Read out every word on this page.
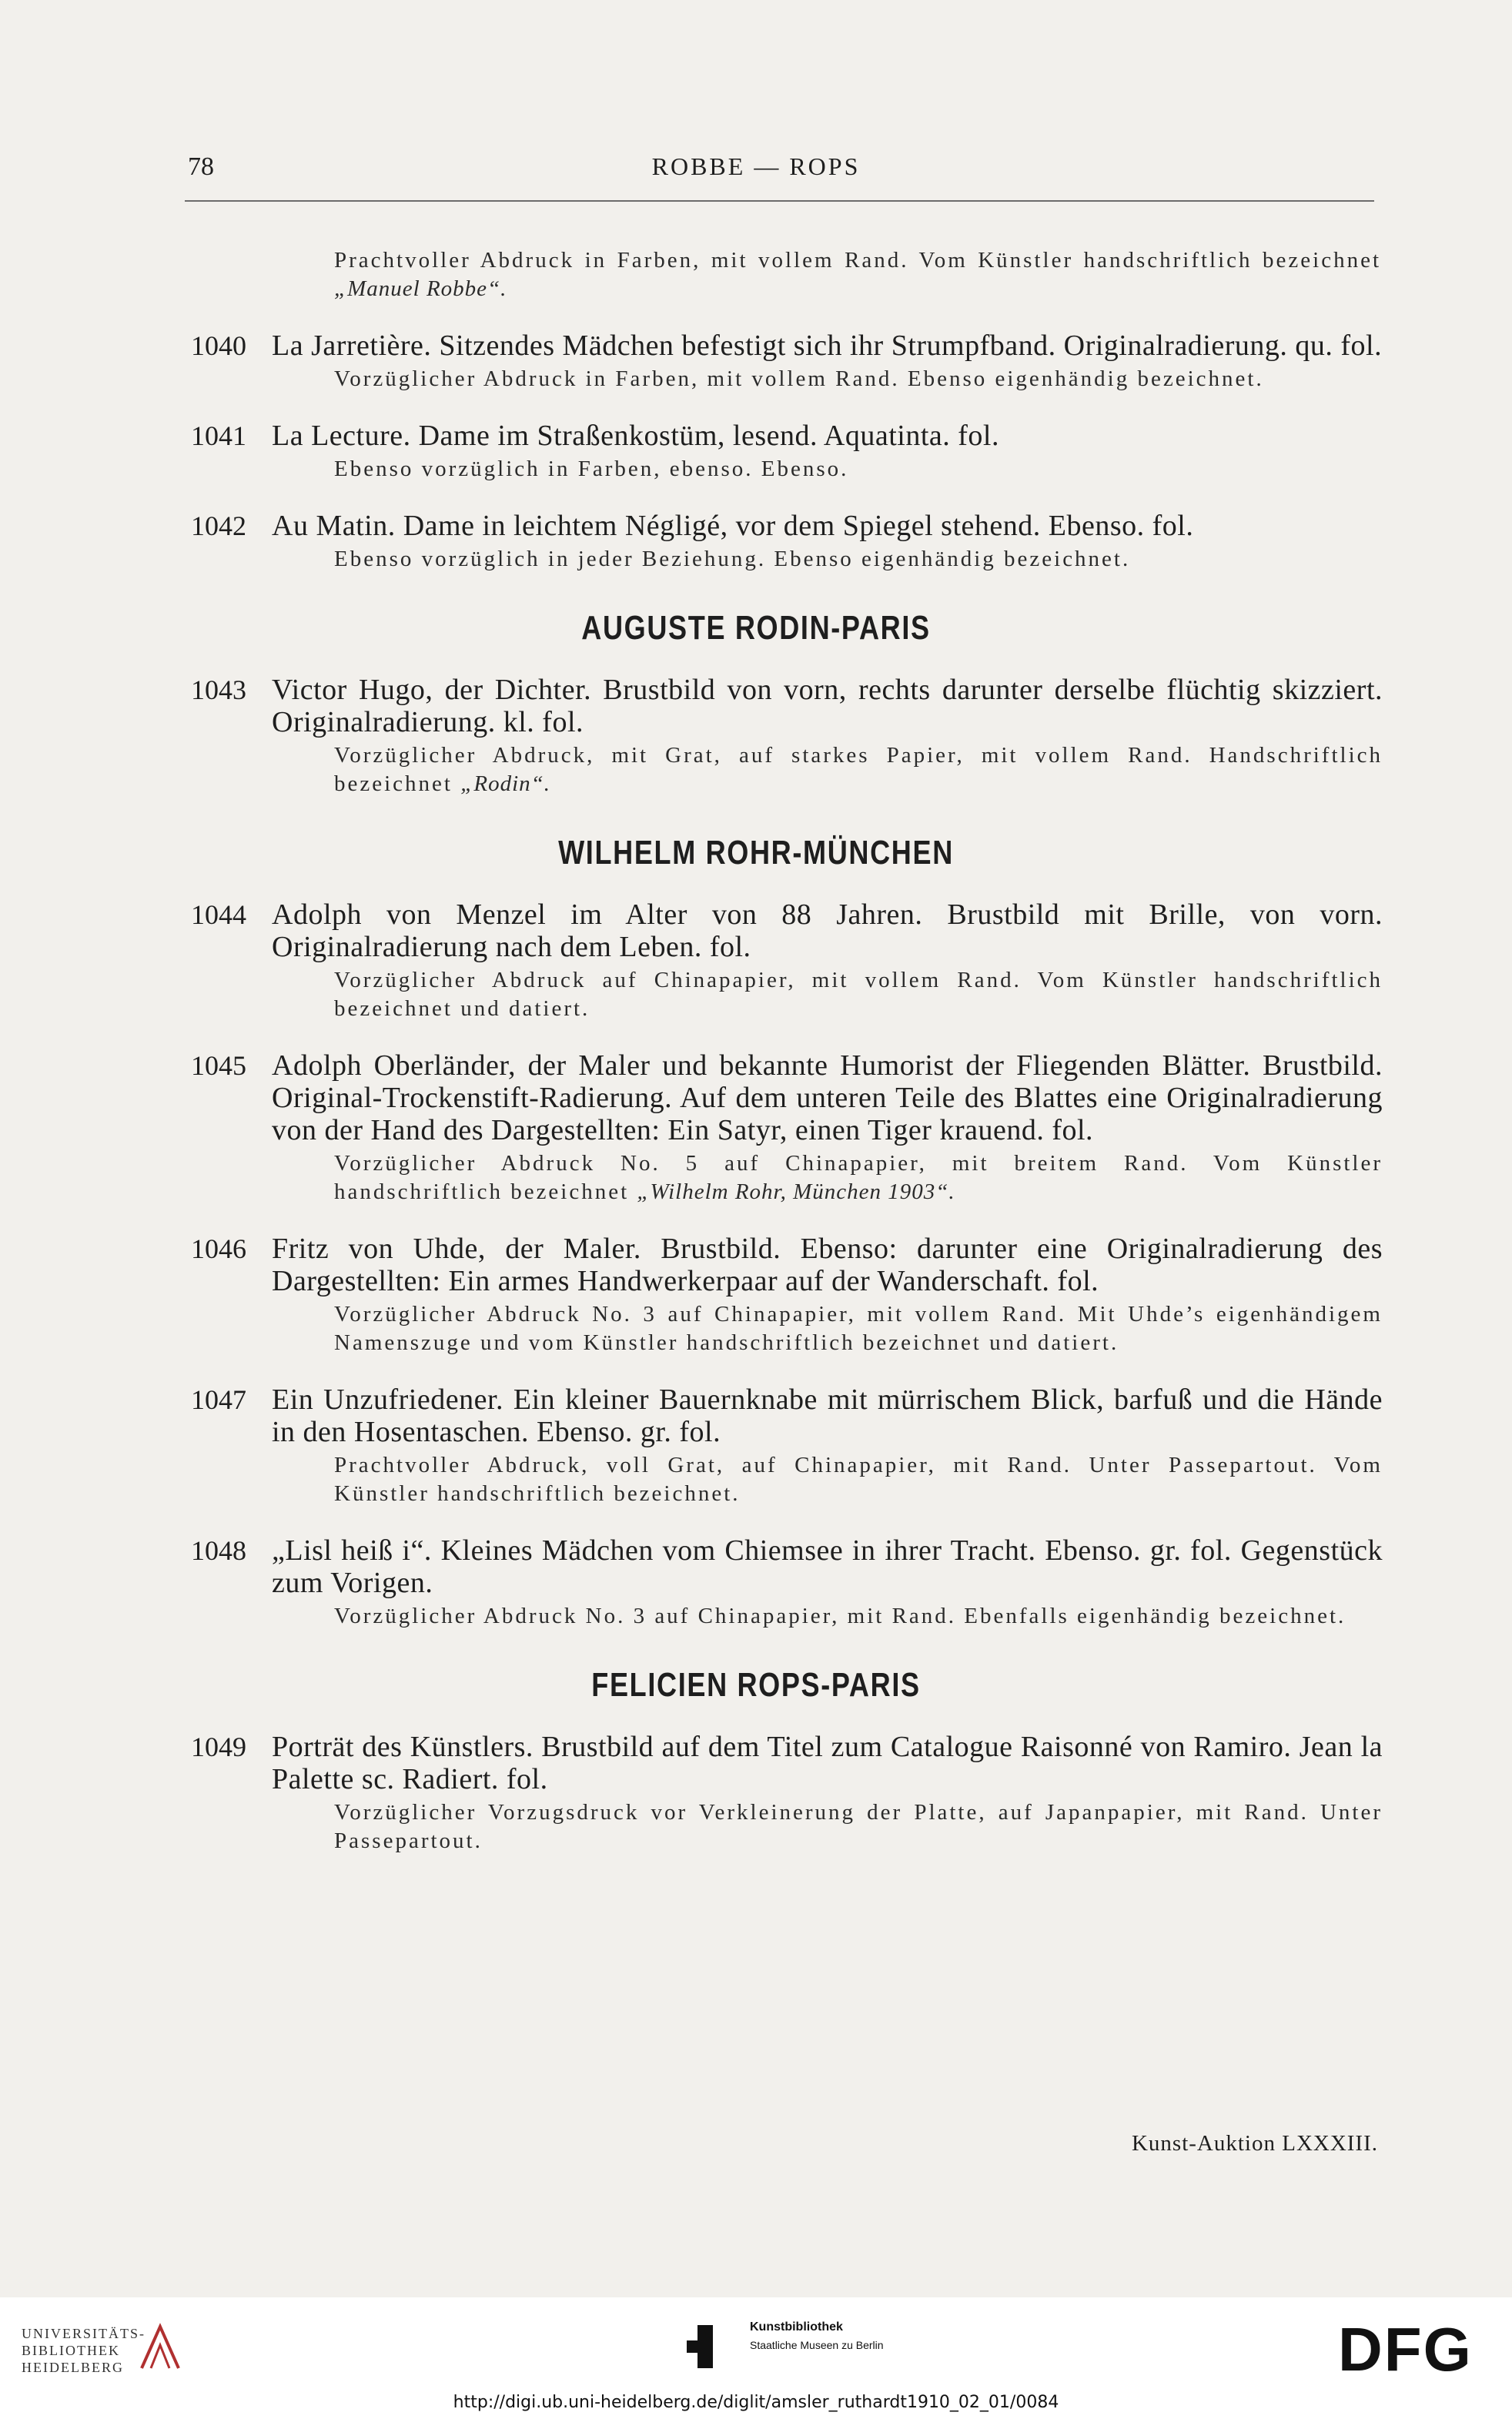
78	ROBBE — ROPS
Prachtvoller Abdruck in Farben, mit vollem Rand. Vom Künstler handschriftlich bezeichnet „Manuel Robbe“.
1040 La Jarretière. Sitzendes Mädchen befestigt sich ihr Strumpfband. Originalradierung. qu. fol.
Vorzüglicher Abdruck in Farben, mit vollem Rand. Ebenso eigenhändig bezeichnet.
1041 La Lecture. Dame im Straßenkostüm, lesend. Aquatinta. fol.
Ebenso vorzüglich in Farben, ebenso. Ebenso.
1042 Au Matin. Dame in leichtem Négligé, vor dem Spiegel stehend. Ebenso. fol.
Ebenso vorzüglich in jeder Beziehung. Ebenso eigenhändig bezeichnet.
AUGUSTE RODIN-PARIS
1043 Victor Hugo, der Dichter. Brustbild von vorn, rechts darunter derselbe flüchtig skizziert. Originalradierung. kl. fol.
Vorzüglicher Abdruck, mit Grat, auf starkes Papier, mit vollem Rand. Handschriftlich bezeichnet „Rodin“.
WILHELM ROHR-MÜNCHEN
1044 Adolph von Menzel im Alter von 88 Jahren. Brustbild mit Brille, von vorn. Originalradierung nach dem Leben. fol.
Vorzüglicher Abdruck auf Chinapapier, mit vollem Rand. Vom Künstler handschriftlich bezeichnet und datiert.
1045 Adolph Oberländer, der Maler und bekannte Humorist der Fliegenden Blätter. Brustbild. Original-Trockenstift-Radierung. Auf dem unteren Teile des Blattes eine Originalradierung von der Hand des Dargestellten: Ein Satyr, einen Tiger krauend. fol.
Vorzüglicher Abdruck No. 5 auf Chinapapier, mit breitem Rand. Vom Künstler handschriftlich bezeichnet „Wilhelm Rohr, München 1903“.
1046 Fritz von Uhde, der Maler. Brustbild. Ebenso: darunter eine Originalradierung des Dargestellten: Ein armes Handwerkerpaar auf der Wanderschaft. fol.
Vorzüglicher Abdruck No. 3 auf Chinapapier, mit vollem Rand. Mit Uhde’s eigenhändigem Namenszuge und vom Künstler handschriftlich bezeichnet und datiert.
1047 Ein Unzufriedener. Ein kleiner Bauernknabe mit mürrischem Blick, barfuß und die Hände in den Hosentaschen. Ebenso. gr. fol.
Prachtvoller Abdruck, voll Grat, auf Chinapapier, mit Rand. Unter Passepartout. Vom Künstler handschriftlich bezeichnet.
1048 „Lisl heiß i“. Kleines Mädchen vom Chiemsee in ihrer Tracht. Ebenso. gr. fol. Gegenstück zum Vorigen.
Vorzüglicher Abdruck No. 3 auf Chinapapier, mit Rand. Ebenfalls eigenhändig bezeichnet.
FELICIEN ROPS-PARIS
1049 Porträt des Künstlers. Brustbild auf dem Titel zum Catalogue Raisonné von Ramiro. Jean la Palette sc. Radiert. fol.
Vorzüglicher Vorzugsdruck vor Verkleinerung der Platte, auf Japanpapier, mit Rand. Unter Passepartout.
Kunst-Auktion LXXXIII.
UNIVERSITÄTS-
BIBLIOTHEK
HEIDELBERG
Kunstbibliothek
Staatliche Museen zu Berlin	DFG
http://digi.ub.uni-heidelberg.de/diglit/amsler_ruthardt1910_02_01/0084
